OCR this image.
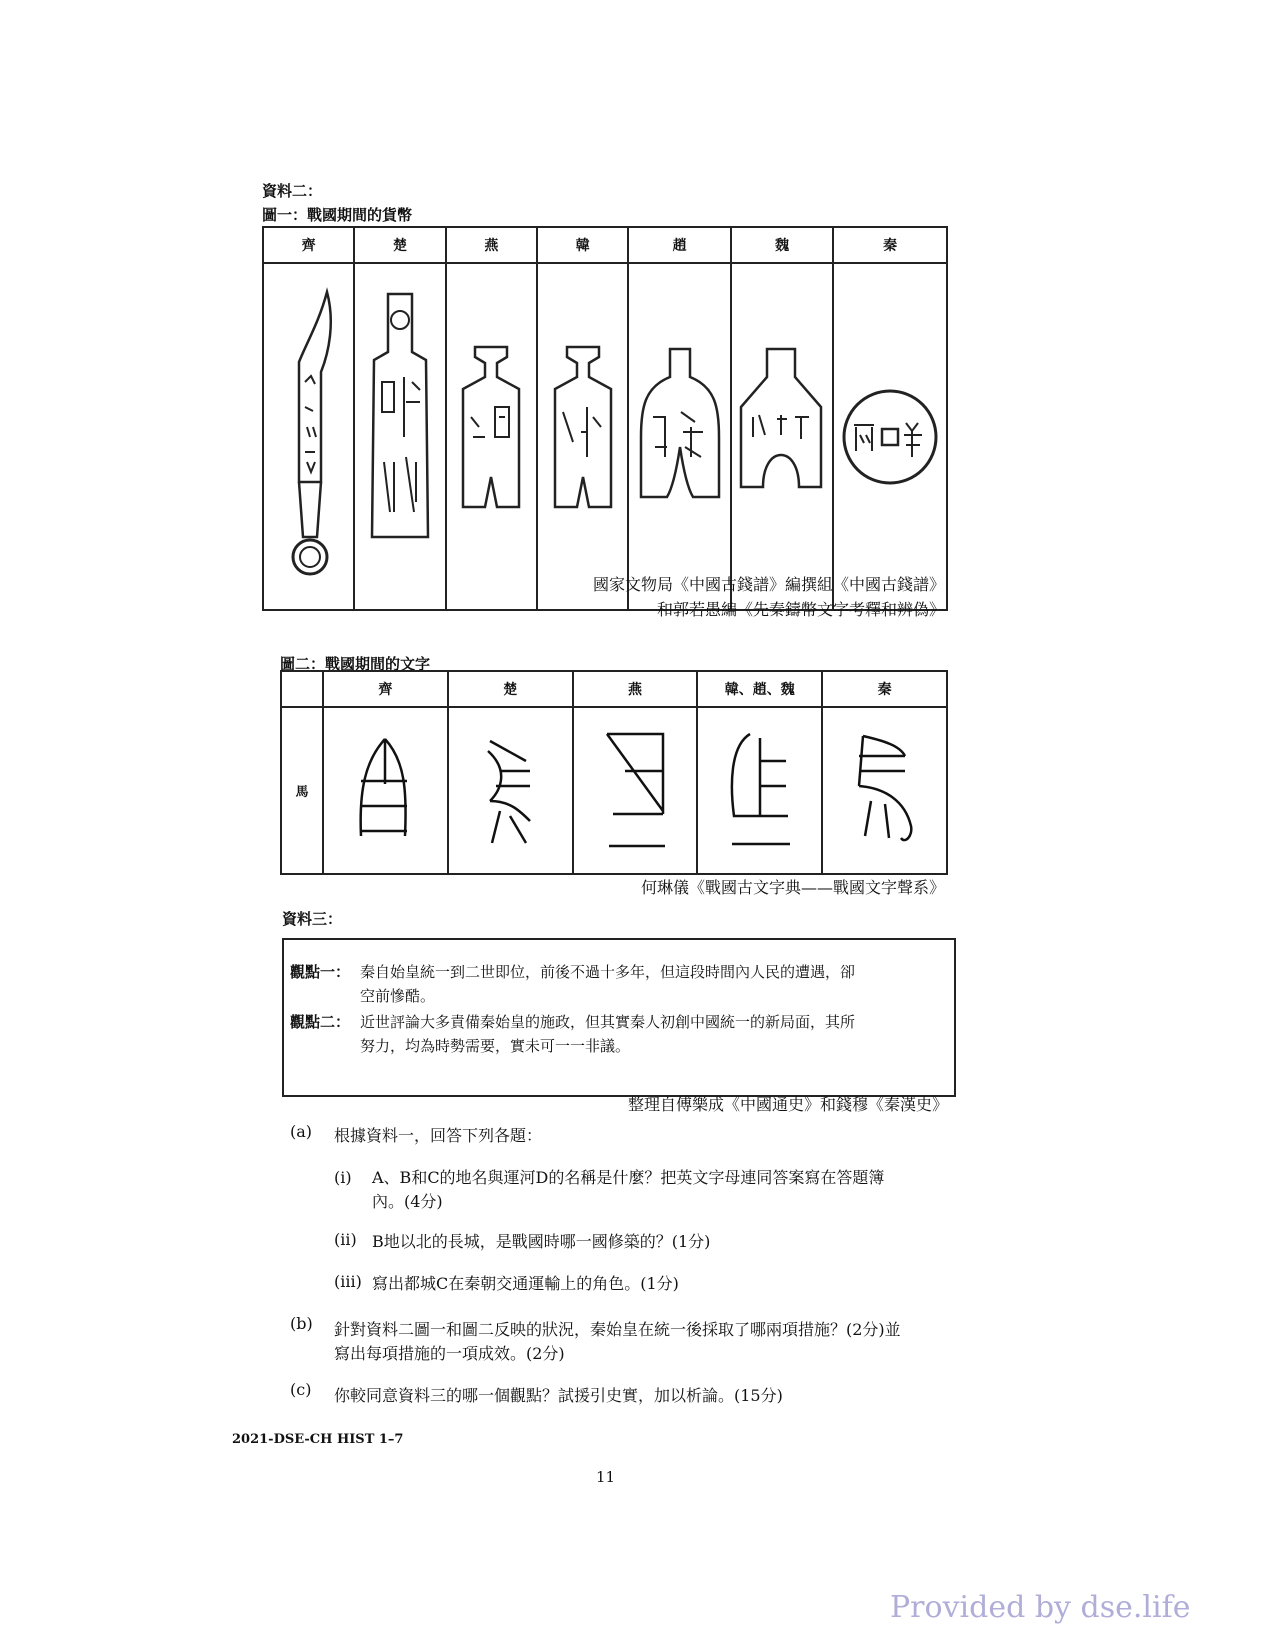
資料二：
圖一：戰國期間的貨幣
齊	楚	燕	韓	趙	魏	秦

國家文物局《中國古錢譜》編撰組《中國古錢譜》
和郭若愚編《先秦鑄幣文字考釋和辨偽》
圖二：戰國期間的文字
	齊	楚	燕	韓、趙、魏	秦
馬	

何琳儀《戰國古文字典——戰國文字聲系》
資料三：
觀點一： 秦自始皇統一到二世即位，前後不過十多年，但這段時間內人民的遭遇，卻
空前慘酷。
觀點二： 近世評論大多責備秦始皇的施政，但其實秦人初創中國統一的新局面，其所
努力，均為時勢需要，實未可一一非議。
整理自傅樂成《中國通史》和錢穆《秦漢史》
(a) 根據資料一，回答下列各題：
(i) A、B和C的地名與運河D的名稱是什麼？把英文字母連同答案寫在答題簿
內。(4分)
(ii) B地以北的長城，是戰國時哪一國修築的？(1分)
(iii) 寫出都城C在秦朝交通運輸上的角色。(1分)
(b) 針對資料二圖一和圖二反映的狀況，秦始皇在統一後採取了哪兩項措施？(2分)並
寫出每項措施的一項成效。(2分)
(c) 你較同意資料三的哪一個觀點？試援引史實，加以析論。(15分)
2021-DSE-CH HIST 1–7
11
Provided by dse.life
